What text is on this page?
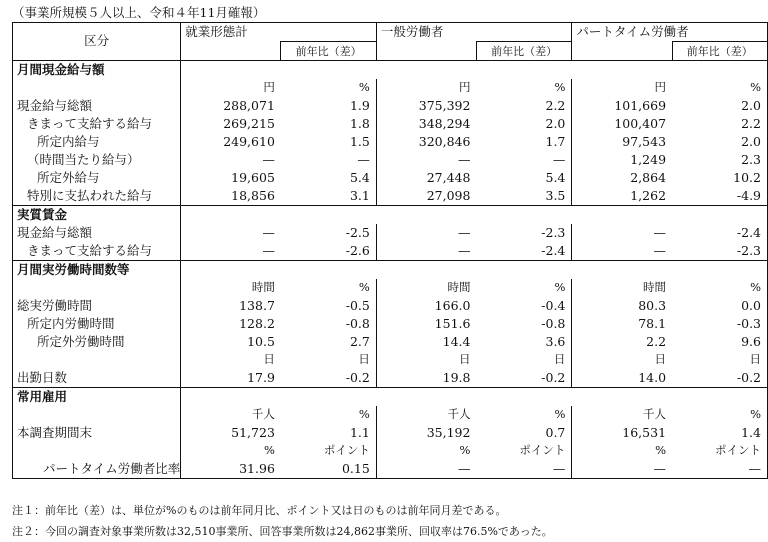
（事業所規模５人以上、令和４年11月確報）
区分	就業形態計		一般労働者		パートタイム労働者	
		前年比（差）		前年比（差）		前年比（差）
月間現金給与額						
	円	%	円	%	円	%
現金給与総額	288,071	1.9	375,392	2.2	101,669	2.0
きまって支給する給与	269,215	1.8	348,294	2.0	100,407	2.2
所定内給与	249,610	1.5	320,846	1.7	97,543	2.0
（時間当たり給与）	—	—	—	—	1,249	2.3
所定外給与	19,605	5.4	27,448	5.4	2,864	10.2
特別に支払われた給与	18,856	3.1	27,098	3.5	1,262	-4.9
実質賃金						
現金給与総額	—	-2.5	—	-2.3	—	-2.4
きまって支給する給与	—	-2.6	—	-2.4	—	-2.3
月間実労働時間数等						
	時間	%	時間	%	時間	%
総実労働時間	138.7	-0.5	166.0	-0.4	80.3	0.0
所定内労働時間	128.2	-0.8	151.6	-0.8	78.1	-0.3
所定外労働時間	10.5	2.7	14.4	3.6	2.2	9.6
	日	日	日	日	日	日
出勤日数	17.9	-0.2	19.8	-0.2	14.0	-0.2
常用雇用						
	千人	%	千人	%	千人	%
本調査期間末	51,723	1.1	35,192	0.7	16,531	1.4
	%	ポイント	%	ポイント	%	ポイント
パートタイム労働者比率	31.96	0.15	—	—	—	—
注１：前年比（差）は、単位が%のものは前年同月比、ポイント又は日のものは前年同月差である。
注２：今回の調査対象事業所数は32,510事業所、回答事業所数は24,862事業所、回収率は76.5%であった。
